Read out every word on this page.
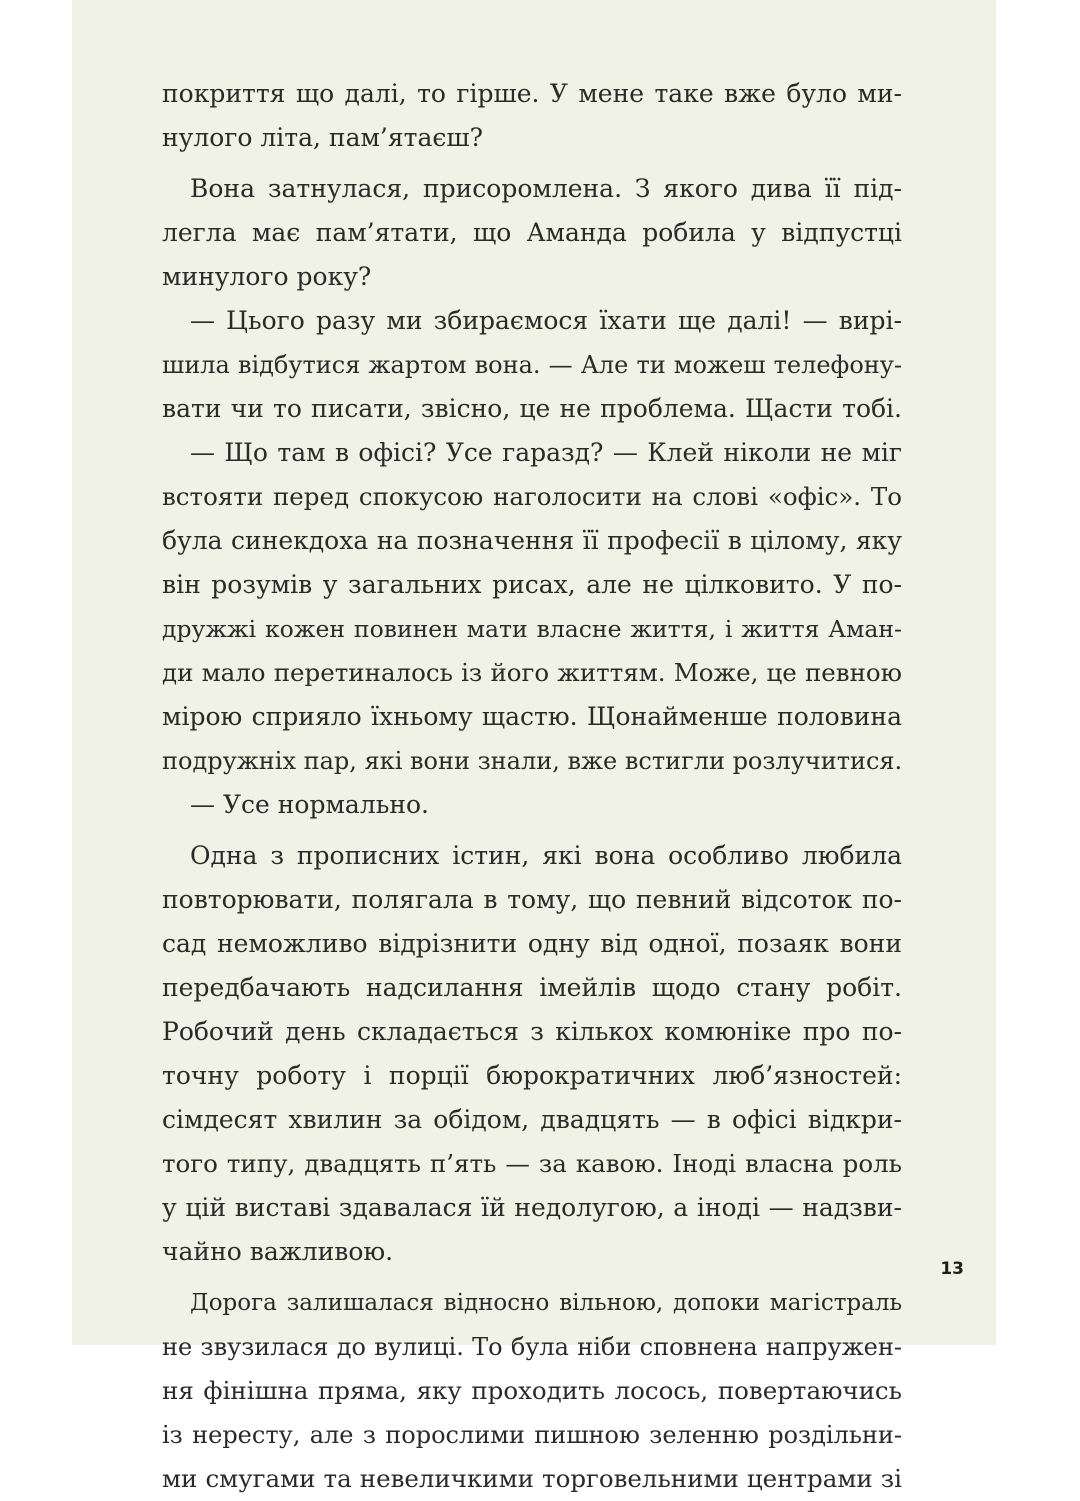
покриття що далі, то гірше. У мене таке вже було ми-
нулого літа, пам’ятаєш?
Вона затнулася, присоромлена. З якого дива її під-
легла має пам’ятати, що Аманда робила у відпустці
минулого року?
— Цього разу ми збираємося їхати ще далі! — вирі-
шила відбутися жартом вона. — Але ти можеш телефону-
вати чи то писати, звісно, це не проблема. Щасти тобі.
— Що там в офісі? Усе гаразд? — Клей ніколи не міг
встояти перед спокусою наголосити на слові «офіс». То
була синекдоха на позначення її професії в цілому, яку
він розумів у загальних рисах, але не цілковито. У по-
дружжі кожен повинен мати власне життя, і життя Аман-
ди мало перетиналось із його життям. Може, це певною
мірою сприяло їхньому щастю. Щонайменше половина
подружніх пар, які вони знали, вже встигли розлучитися.
— Усе нормально.
Одна з прописних істин, які вона особливо любила
повторювати, полягала в тому, що певний відсоток по-
сад неможливо відрізнити одну від одної, позаяк вони
передбачають надсилання імейлів щодо стану робіт.
Робочий день складається з кількох комюніке про по-
точну роботу і порції бюрократичних люб’язностей:
сімдесят хвилин за обідом, двадцять — в офісі відкри-
того типу, двадцять п’ять — за кавою. Іноді власна роль
у цій виставі здавалася їй недолугою, а іноді — надзви-
чайно важливою.
Дорога залишалася відносно вільною, допоки магістраль
не звузилася до вулиці. То була ніби сповнена напружен-
ня фінішна пряма, яку проходить лосось, повертаючись
із нересту, але з порослими пишною зеленню роздільни-
ми смугами та невеличкими торговельними центрами зі
13
